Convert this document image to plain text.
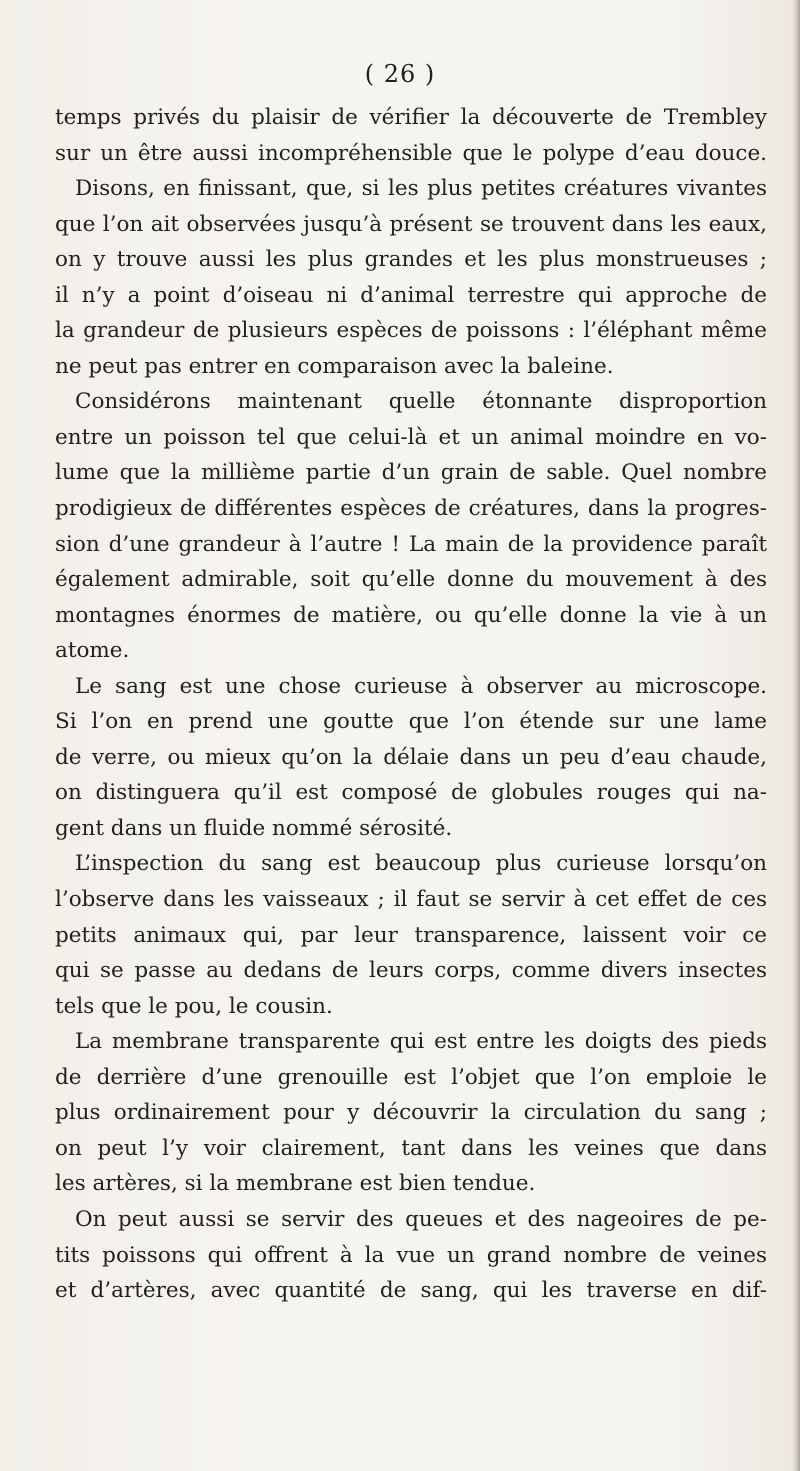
( 26 )
temps privés du plaisir de vérifier la découverte de Trembley
sur un être aussi incompréhensible que le polype d’eau douce.
Disons, en finissant, que, si les plus petites créatures vivantes
que l’on ait observées jusqu’à présent se trouvent dans les eaux,
on y trouve aussi les plus grandes et les plus monstrueuses ;
il n’y a point d’oiseau ni d’animal terrestre qui approche de
la grandeur de plusieurs espèces de poissons : l’éléphant même
ne peut pas entrer en comparaison avec la baleine.
Considérons maintenant quelle étonnante disproportion
entre un poisson tel que celui-là et un animal moindre en vo-
lume que la millième partie d’un grain de sable. Quel nombre
prodigieux de différentes espèces de créatures, dans la progres-
sion d’une grandeur à l’autre ! La main de la providence paraît
également admirable, soit qu’elle donne du mouvement à des
montagnes énormes de matière, ou qu’elle donne la vie à un
atome.
Le sang est une chose curieuse à observer au microscope.
Si l’on en prend une goutte que l’on étende sur une lame
de verre, ou mieux qu’on la délaie dans un peu d’eau chaude,
on distinguera qu’il est composé de globules rouges qui na-
gent dans un fluide nommé sérosité.
L’inspection du sang est beaucoup plus curieuse lorsqu’on
l’observe dans les vaisseaux ; il faut se servir à cet effet de ces
petits animaux qui, par leur transparence, laissent voir ce
qui se passe au dedans de leurs corps, comme divers insectes
tels que le pou, le cousin.
La membrane transparente qui est entre les doigts des pieds
de derrière d’une grenouille est l’objet que l’on emploie le
plus ordinairement pour y découvrir la circulation du sang ;
on peut l’y voir clairement, tant dans les veines que dans
les artères, si la membrane est bien tendue.
On peut aussi se servir des queues et des nageoires de pe-
tits poissons qui offrent à la vue un grand nombre de veines
et d’artères, avec quantité de sang, qui les traverse en dif-
